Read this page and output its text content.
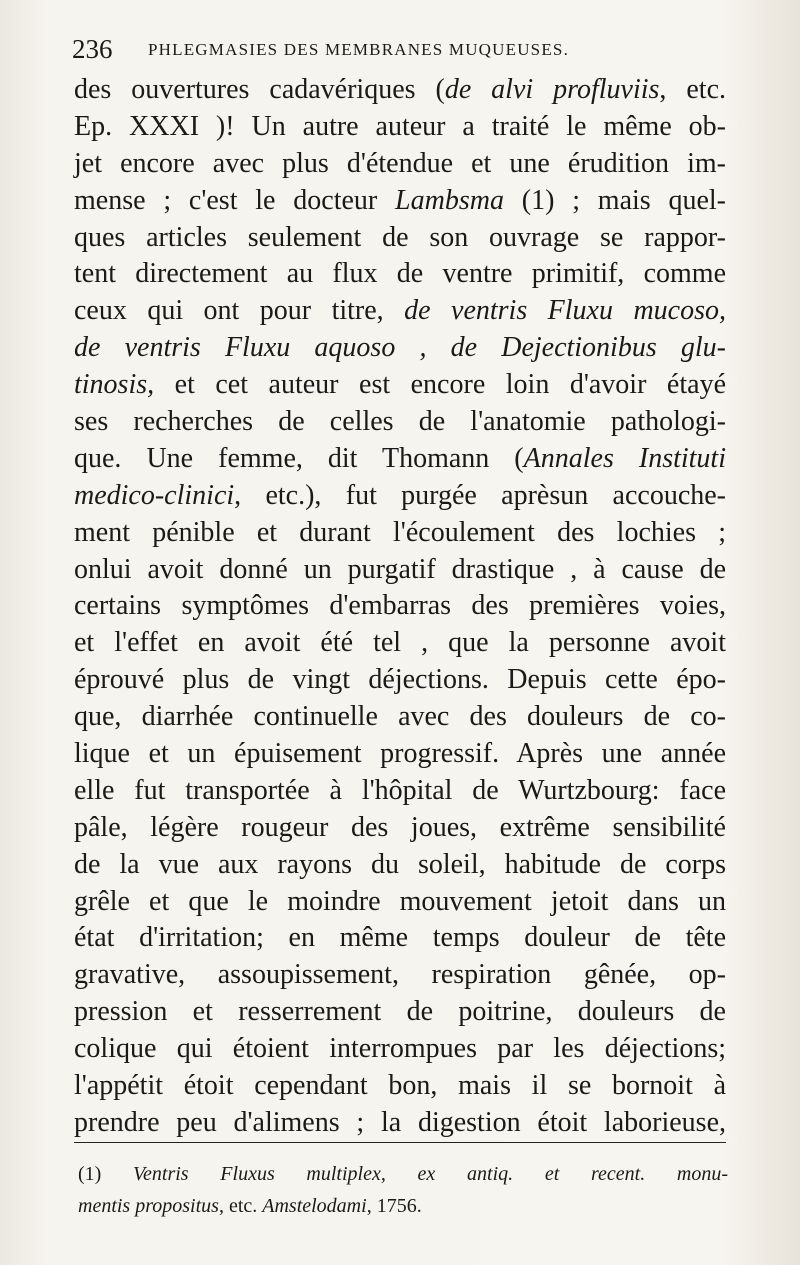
236 PHLEGMASIES DES MEMBRANES MUQUEUSES.
des ouvertures cadavériques (de alvi profluviis, etc.
Ep. XXXI )! Un autre auteur a traité le même ob-
jet encore avec plus d'étendue et une érudition im-
mense ; c'est le docteur Lambsma (1) ; mais quel-
ques articles seulement de son ouvrage se rappor-
tent directement au flux de ventre primitif, comme
ceux qui ont pour titre, de ventris Fluxu mucoso,
de ventris Fluxu aquoso , de Dejectionibus glu-
tinosis, et cet auteur est encore loin d'avoir étayé
ses recherches de celles de l'anatomie pathologi-
que. Une femme, dit Thomann (Annales Instituti
medico-clinici, etc.), fut purgée aprèsun accouche-
ment pénible et durant l'écoulement des lochies ;
onlui avoit donné un purgatif drastique , à cause de
certains symptômes d'embarras des premières voies,
et l'effet en avoit été tel , que la personne avoit
éprouvé plus de vingt déjections. Depuis cette épo-
que, diarrhée continuelle avec des douleurs de co-
lique et un épuisement progressif. Après une année
elle fut transportée à l'hôpital de Wurtzbourg: face
pâle, légère rougeur des joues, extrême sensibilité
de la vue aux rayons du soleil, habitude de corps
grêle et que le moindre mouvement jetoit dans un
état d'irritation; en même temps douleur de tête
gravative, assoupissement, respiration gênée, op-
pression et resserrement de poitrine, douleurs de
colique qui étoient interrompues par les déjections;
l'appétit étoit cependant bon, mais il se bornoit à
prendre peu d'alimens ; la digestion étoit laborieuse,
(1) Ventris Fluxus multiplex, ex antiq. et recent. monu-
mentis propositus, etc. Amstelodami, 1756.
